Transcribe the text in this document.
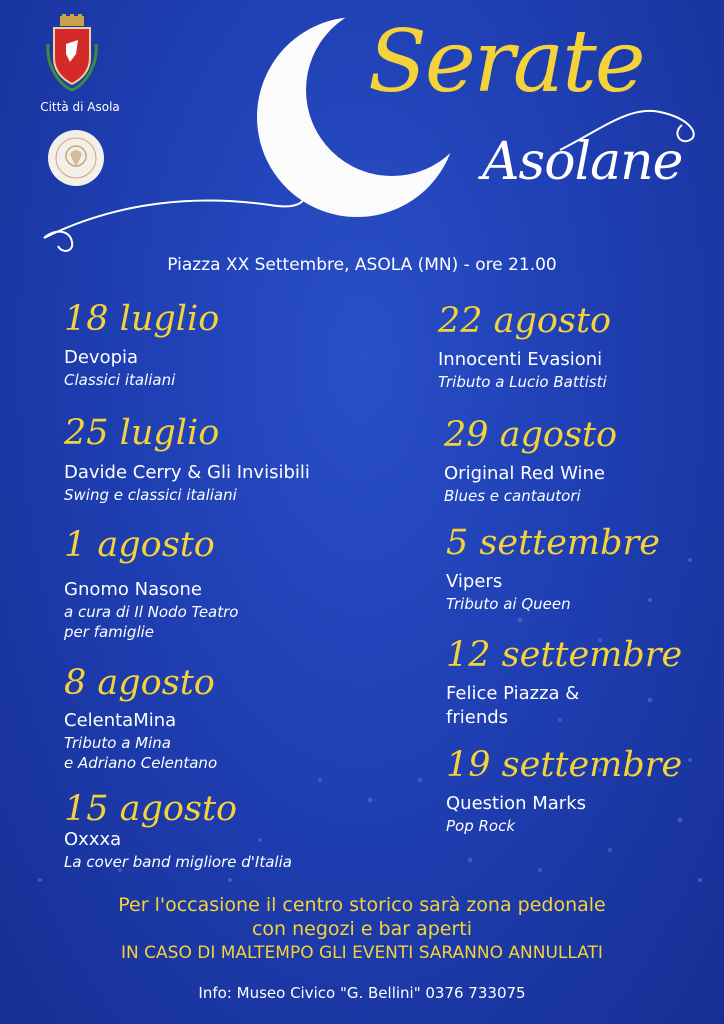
Città di Asola	Serate
Asolane
Piazza XX Settembre, ASOLA (MN) - ore 21.00
18 luglio
Devopia
Classici italiani
25 luglio
Davide Cerry & Gli Invisibili
Swing e classici italiani
1 agosto
Gnomo Nasone
a cura di Il Nodo Teatro
per famiglie
8 agosto
CelentaMina
Tributo a Mina
e Adriano Celentano
15 agosto
Oxxxa
La cover band migliore d'Italia
22 agosto
Innocenti Evasioni
Tributo a Lucio Battisti
29 agosto
Original Red Wine
Blues e cantautori
5 settembre
Vipers
Tributo ai Queen
12 settembre
Felice Piazza &
friends
19 settembre
Question Marks
Pop Rock
Per l'occasione il centro storico sarà zona pedonale
con negozi e bar aperti
IN CASO DI MALTEMPO GLI EVENTI SARANNO ANNULLATI
Info: Museo Civico "G. Bellini" 0376 733075
